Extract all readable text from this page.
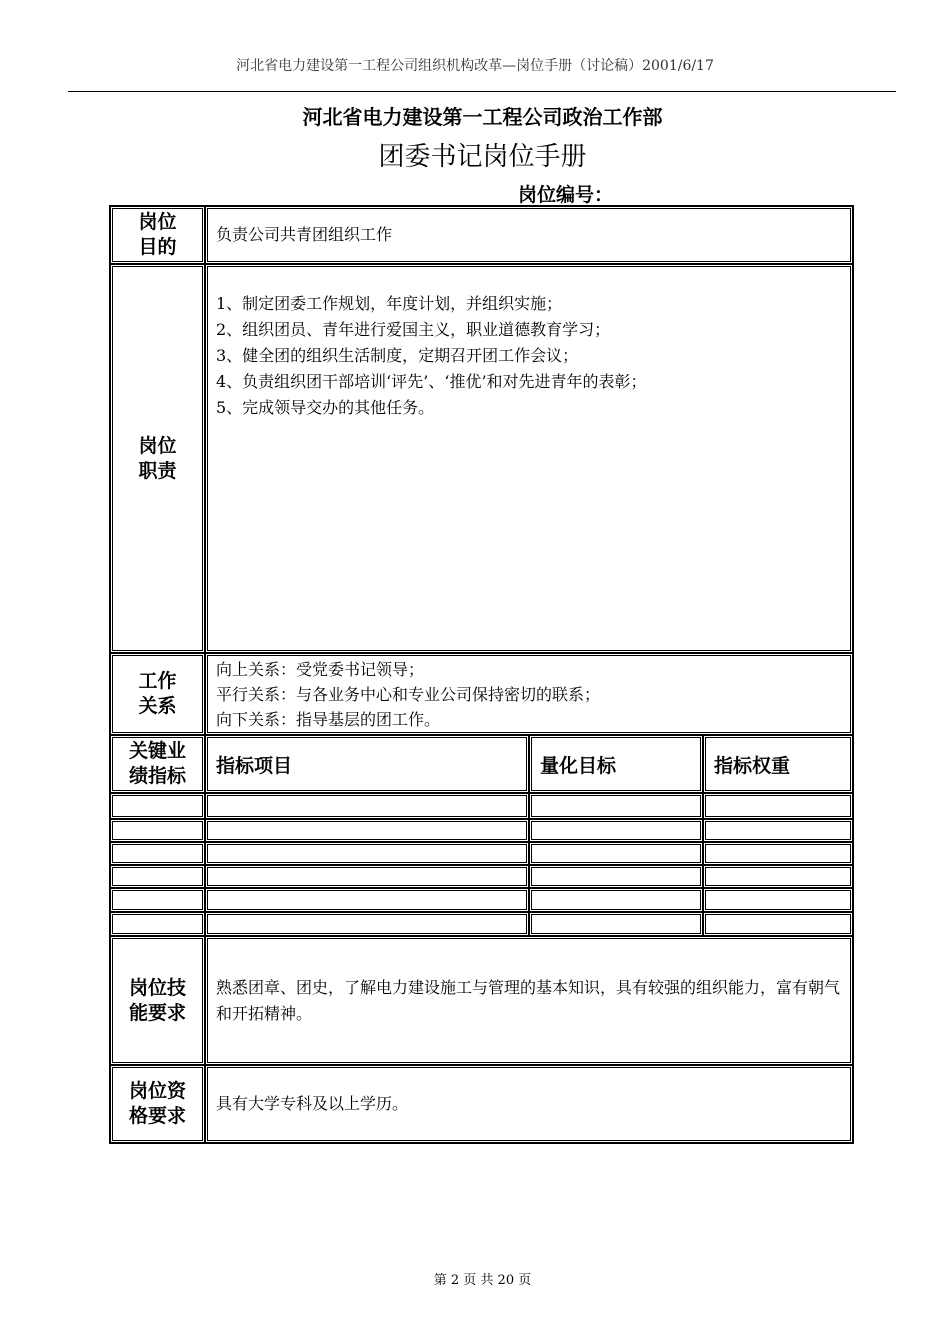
河北省电力建设第一工程公司组织机构改革—岗位手册（讨论稿）2001/6/17
河北省电力建设第一工程公司政治工作部
团委书记岗位手册
岗位编号：
岗位
目的	负责公司共青团组织工作		
岗位
职责	1、制定团委工作规划，年度计划，并组织实施；
2、组织团员、青年进行爱国主义，职业道德教育学习；
3、健全团的组织生活制度，定期召开团工作会议；
4、负责组织团干部培训‘评先’、‘推优’和对先进青年的表彰；
5、完成领导交办的其他任务。		

工作
关系	向上关系：受党委书记领导；
平行关系：与各业务中心和专业公司保持密切的联系；
向下关系：指导基层的团工作。		

关键业
绩指标	指标项目	量化目标	指标权重

岗位技
能要求	熟悉团章、团史，了解电力建设施工与管理的基本知识，具有较强的组织能力，富有朝气和开拓精神。		
岗位资
格要求	具有大学专科及以上学历。		
第 2 页 共 20 页
